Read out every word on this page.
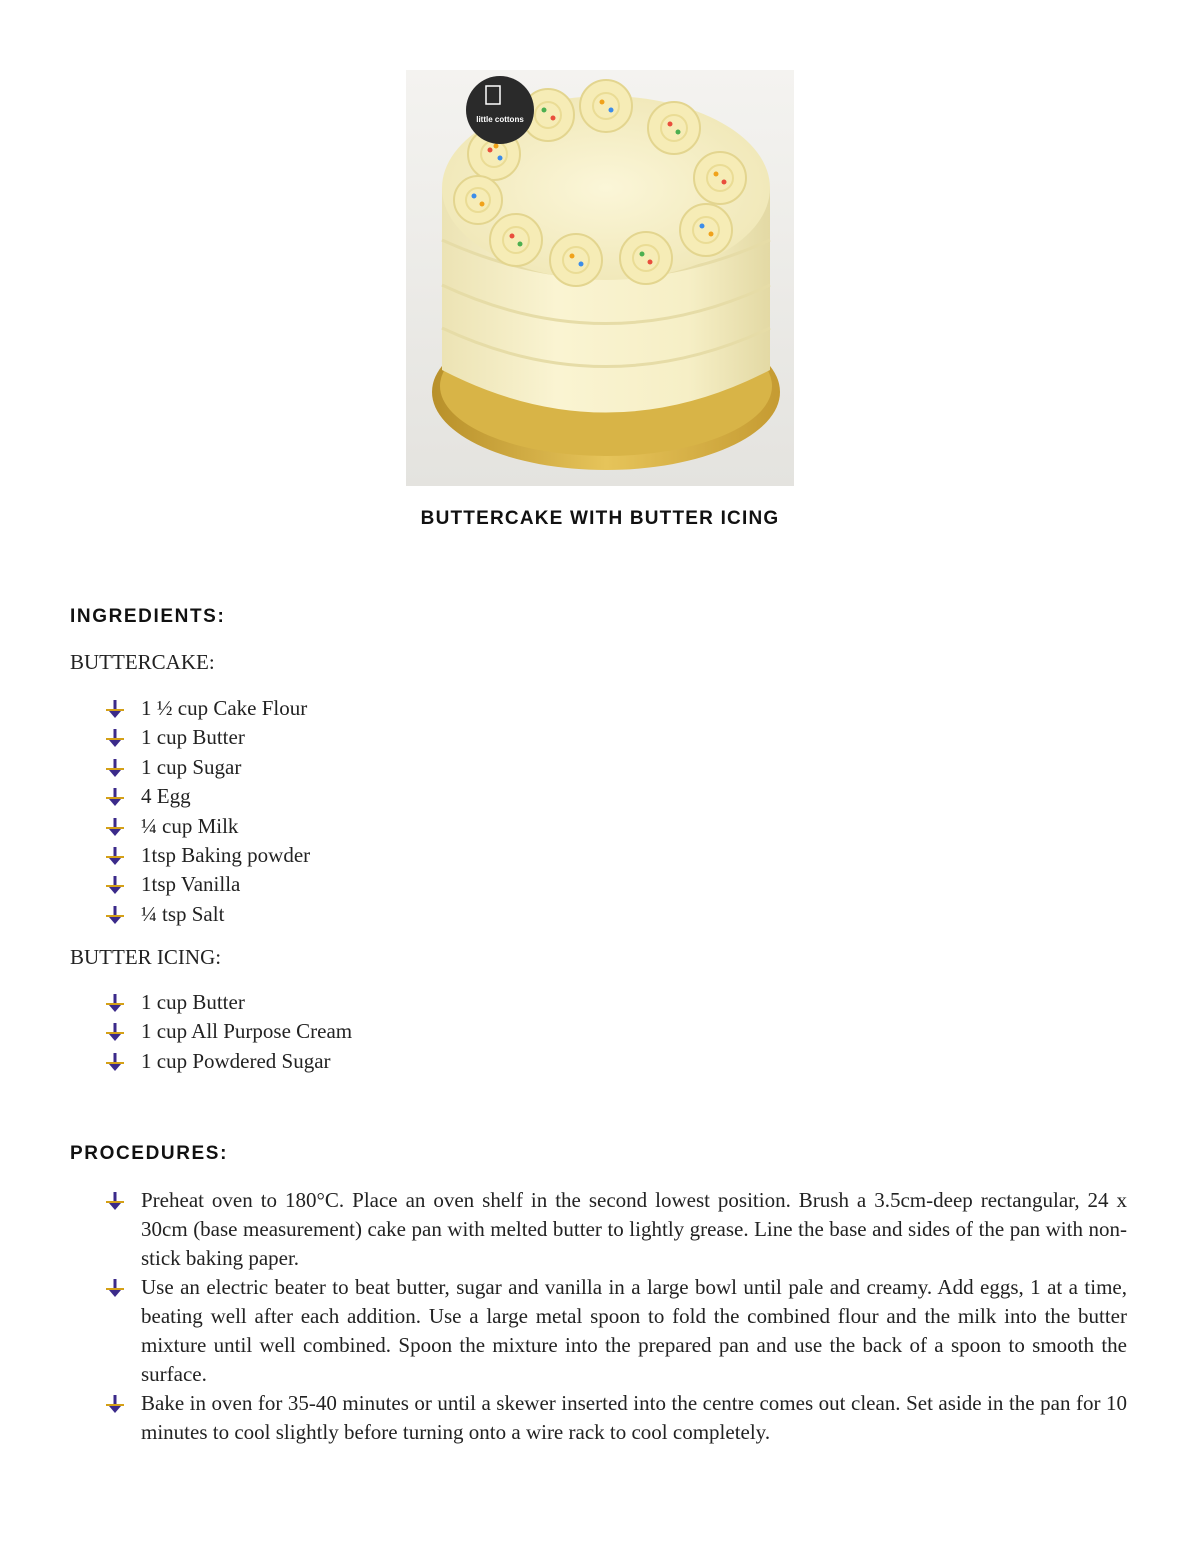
little cottons
BUTTERCAKE WITH BUTTER ICING
INGREDIENTS:
BUTTERCAKE:
1 ½ cup Cake Flour
1 cup Butter
1 cup Sugar
4 Egg
¼ cup Milk
1tsp Baking powder
1tsp Vanilla
¼ tsp Salt
BUTTER ICING:
1 cup Butter
1 cup All Purpose Cream
1 cup Powdered Sugar
PROCEDURES:
Preheat oven to 180°C. Place an oven shelf in the second lowest position. Brush a 3.5cm-deep rectangular, 24 x 30cm (base measurement) cake pan with melted butter to lightly grease. Line the base and sides of the pan with non-stick baking paper.
Use an electric beater to beat butter, sugar and vanilla in a large bowl until pale and creamy. Add eggs, 1 at a time, beating well after each addition. Use a large metal spoon to fold the combined flour and the milk into the butter mixture until well combined. Spoon the mixture into the prepared pan and use the back of a spoon to smooth the surface.
Bake in oven for 35-40 minutes or until a skewer inserted into the centre comes out clean. Set aside in the pan for 10 minutes to cool slightly before turning onto a wire rack to cool completely.
